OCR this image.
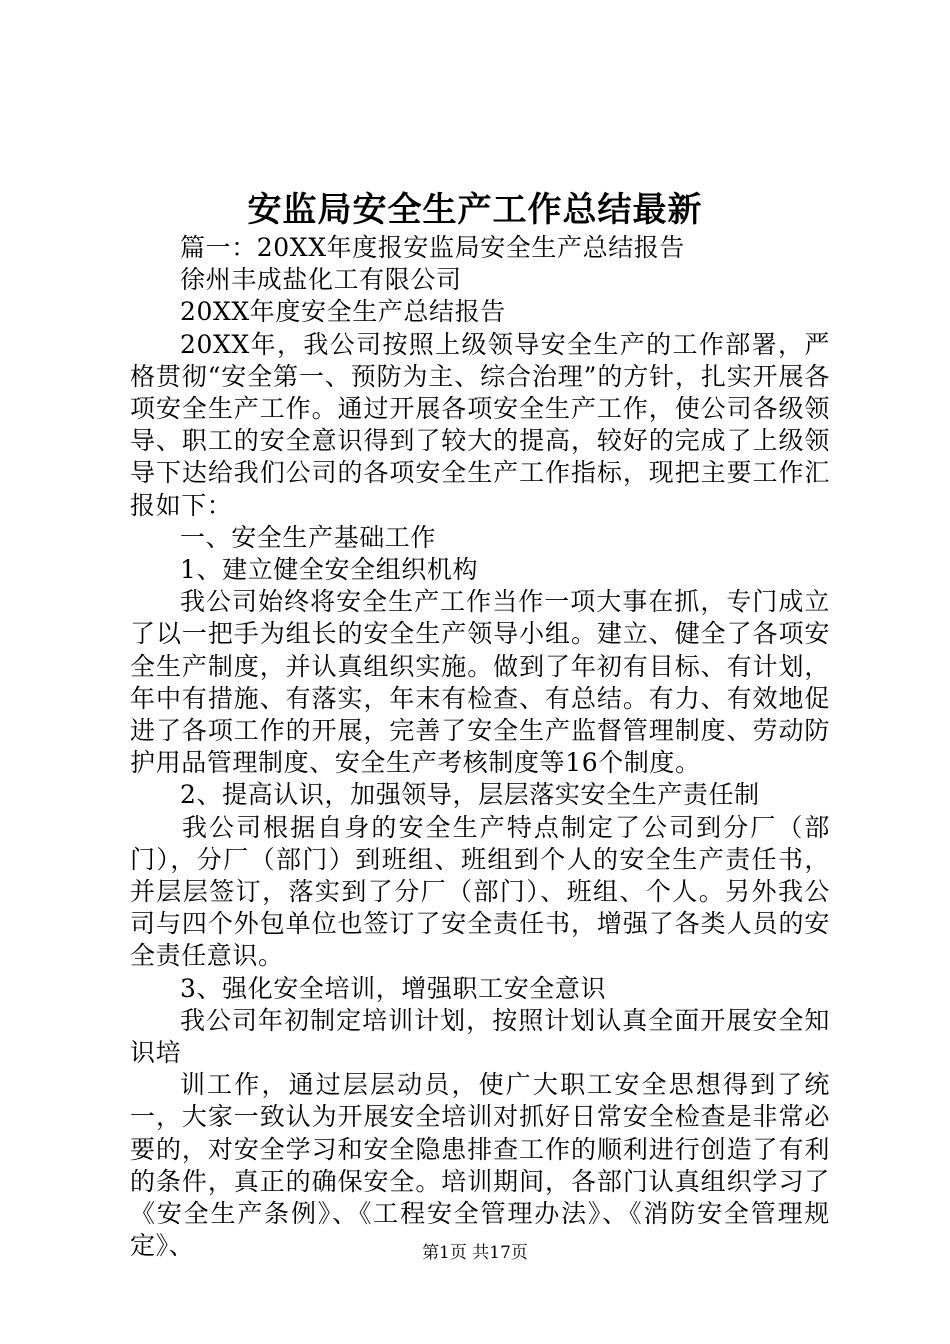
安监局安全生产工作总结最新

篇一：20XX年度报安监局安全生产总结报告

徐州丰成盐化工有限公司

20XX年度安全生产总结报告

20XX年，我公司按照上级领导安全生产的工作部署，严格贯彻“安全第一、预防为主、综合治理”的方针，扎实开展各项安全生产工作。通过开展各项安全生产工作，使公司各级领导、职工的安全意识得到了较大的提高，较好的完成了上级领导下达给我们公司的各项安全生产工作指标，现把主要工作汇报如下：

一、安全生产基础工作

1、建立健全安全组织机构

我公司始终将安全生产工作当作一项大事在抓，专门成立了以一把手为组长的安全生产领导小组。建立、健全了各项安全生产制度，并认真组织实施。做到了年初有目标、有计划，年中有措施、有落实，年末有检查、有总结。有力、有效地促进了各项工作的开展，完善了安全生产监督管理制度、劳动防护用品管理制度、安全生产考核制度等16个制度。

2、提高认识，加强领导，层层落实安全生产责任制

我公司根据自身的安全生产特点制定了公司到分厂（部门），分厂（部门）到班组、班组到个人的安全生产责任书，并层层签订，落实到了分厂（部门）、班组、个人。另外我公司与四个外包单位也签订了安全责任书，增强了各类人员的安全责任意识。

3、强化安全培训，增强职工安全意识

我公司年初制定培训计划，按照计划认真全面开展安全知识培

训工作，通过层层动员，使广大职工安全思想得到了统一，大家一致认为开展安全培训对抓好日常安全检查是非常必要的，对安全学习和安全隐患排查工作的顺利进行创造了有利的条件，真正的确保安全。培训期间，各部门认真组织学习了《安全生产条例》、《工程安全管理办法》、《消防安全管理规定》、	第1页 共17页
